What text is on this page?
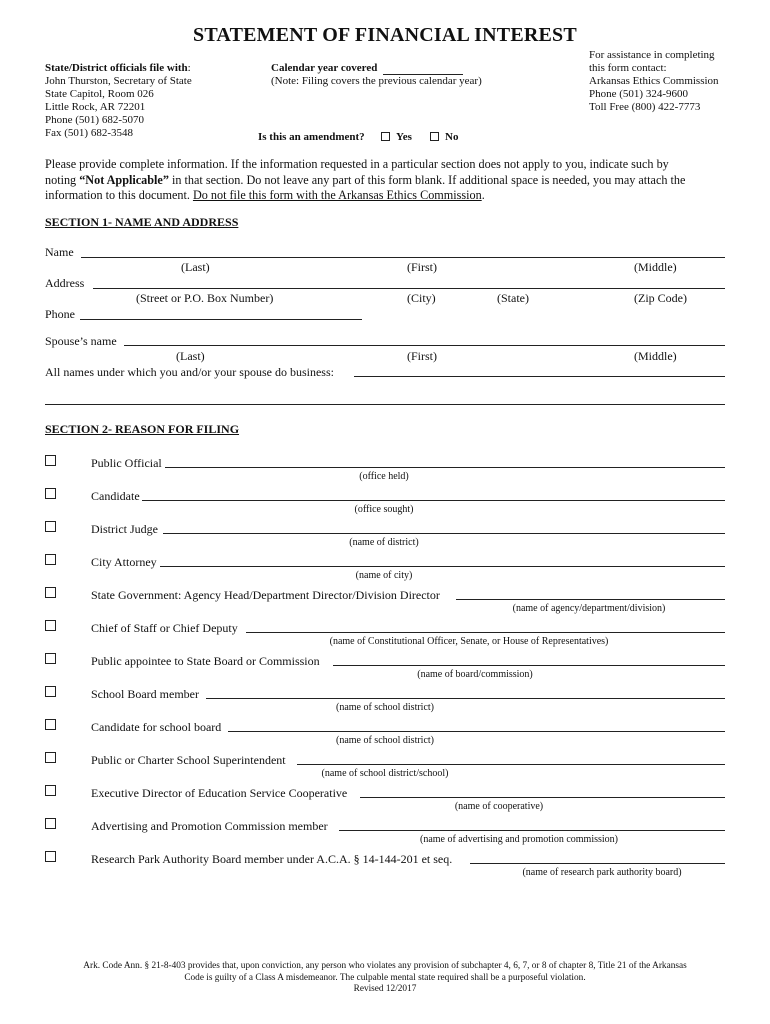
STATEMENT OF FINANCIAL INTEREST
State/District officials file with:
John Thurston, Secretary of State
State Capitol, Room 026
Little Rock, AR 72201
Phone (501) 682-5070
Fax (501) 682-3548
Calendar year covered
(Note: Filing covers the previous calendar year)
Is this an amendment?	Yes	No
For assistance in completing
this form contact:
Arkansas Ethics Commission
Phone (501) 324-9600
Toll Free (800) 422-7773
Please provide complete information. If the information requested in a particular section does not apply to you, indicate such by
noting “Not Applicable” in that section. Do not leave any part of this form blank. If additional space is needed, you may attach the
information to this document. Do not file this form with the Arkansas Ethics Commission.
SECTION 1- NAME AND ADDRESS
Name
(Last)	(First)	(Middle)
Address
(Street or P.O. Box Number)	(City)	(State)	(Zip Code)
Phone
Spouse’s name
(Last)	(First)	(Middle)
All names under which you and/or your spouse do business:
SECTION 2- REASON FOR FILING
Public Official
(office held)
Candidate
(office sought)
District Judge
(name of district)
City Attorney
(name of city)
State Government: Agency Head/Department Director/Division Director
(name of agency/department/division)
Chief of Staff or Chief Deputy
(name of Constitutional Officer, Senate, or House of Representatives)
Public appointee to State Board or Commission
(name of board/commission)
School Board member
(name of school district)
Candidate for school board
(name of school district)
Public or Charter School Superintendent
(name of school district/school)
Executive Director of Education Service Cooperative
(name of cooperative)
Advertising and Promotion Commission member
(name of advertising and promotion commission)
Research Park Authority Board member under A.C.A. § 14-144-201 et seq.
(name of research park authority board)
Ark. Code Ann. § 21-8-403 provides that, upon conviction, any person who violates any provision of subchapter 4, 6, 7, or 8 of chapter 8, Title 21 of the Arkansas
Code is guilty of a Class A misdemeanor. The culpable mental state required shall be a purposeful violation.
Revised 12/2017
